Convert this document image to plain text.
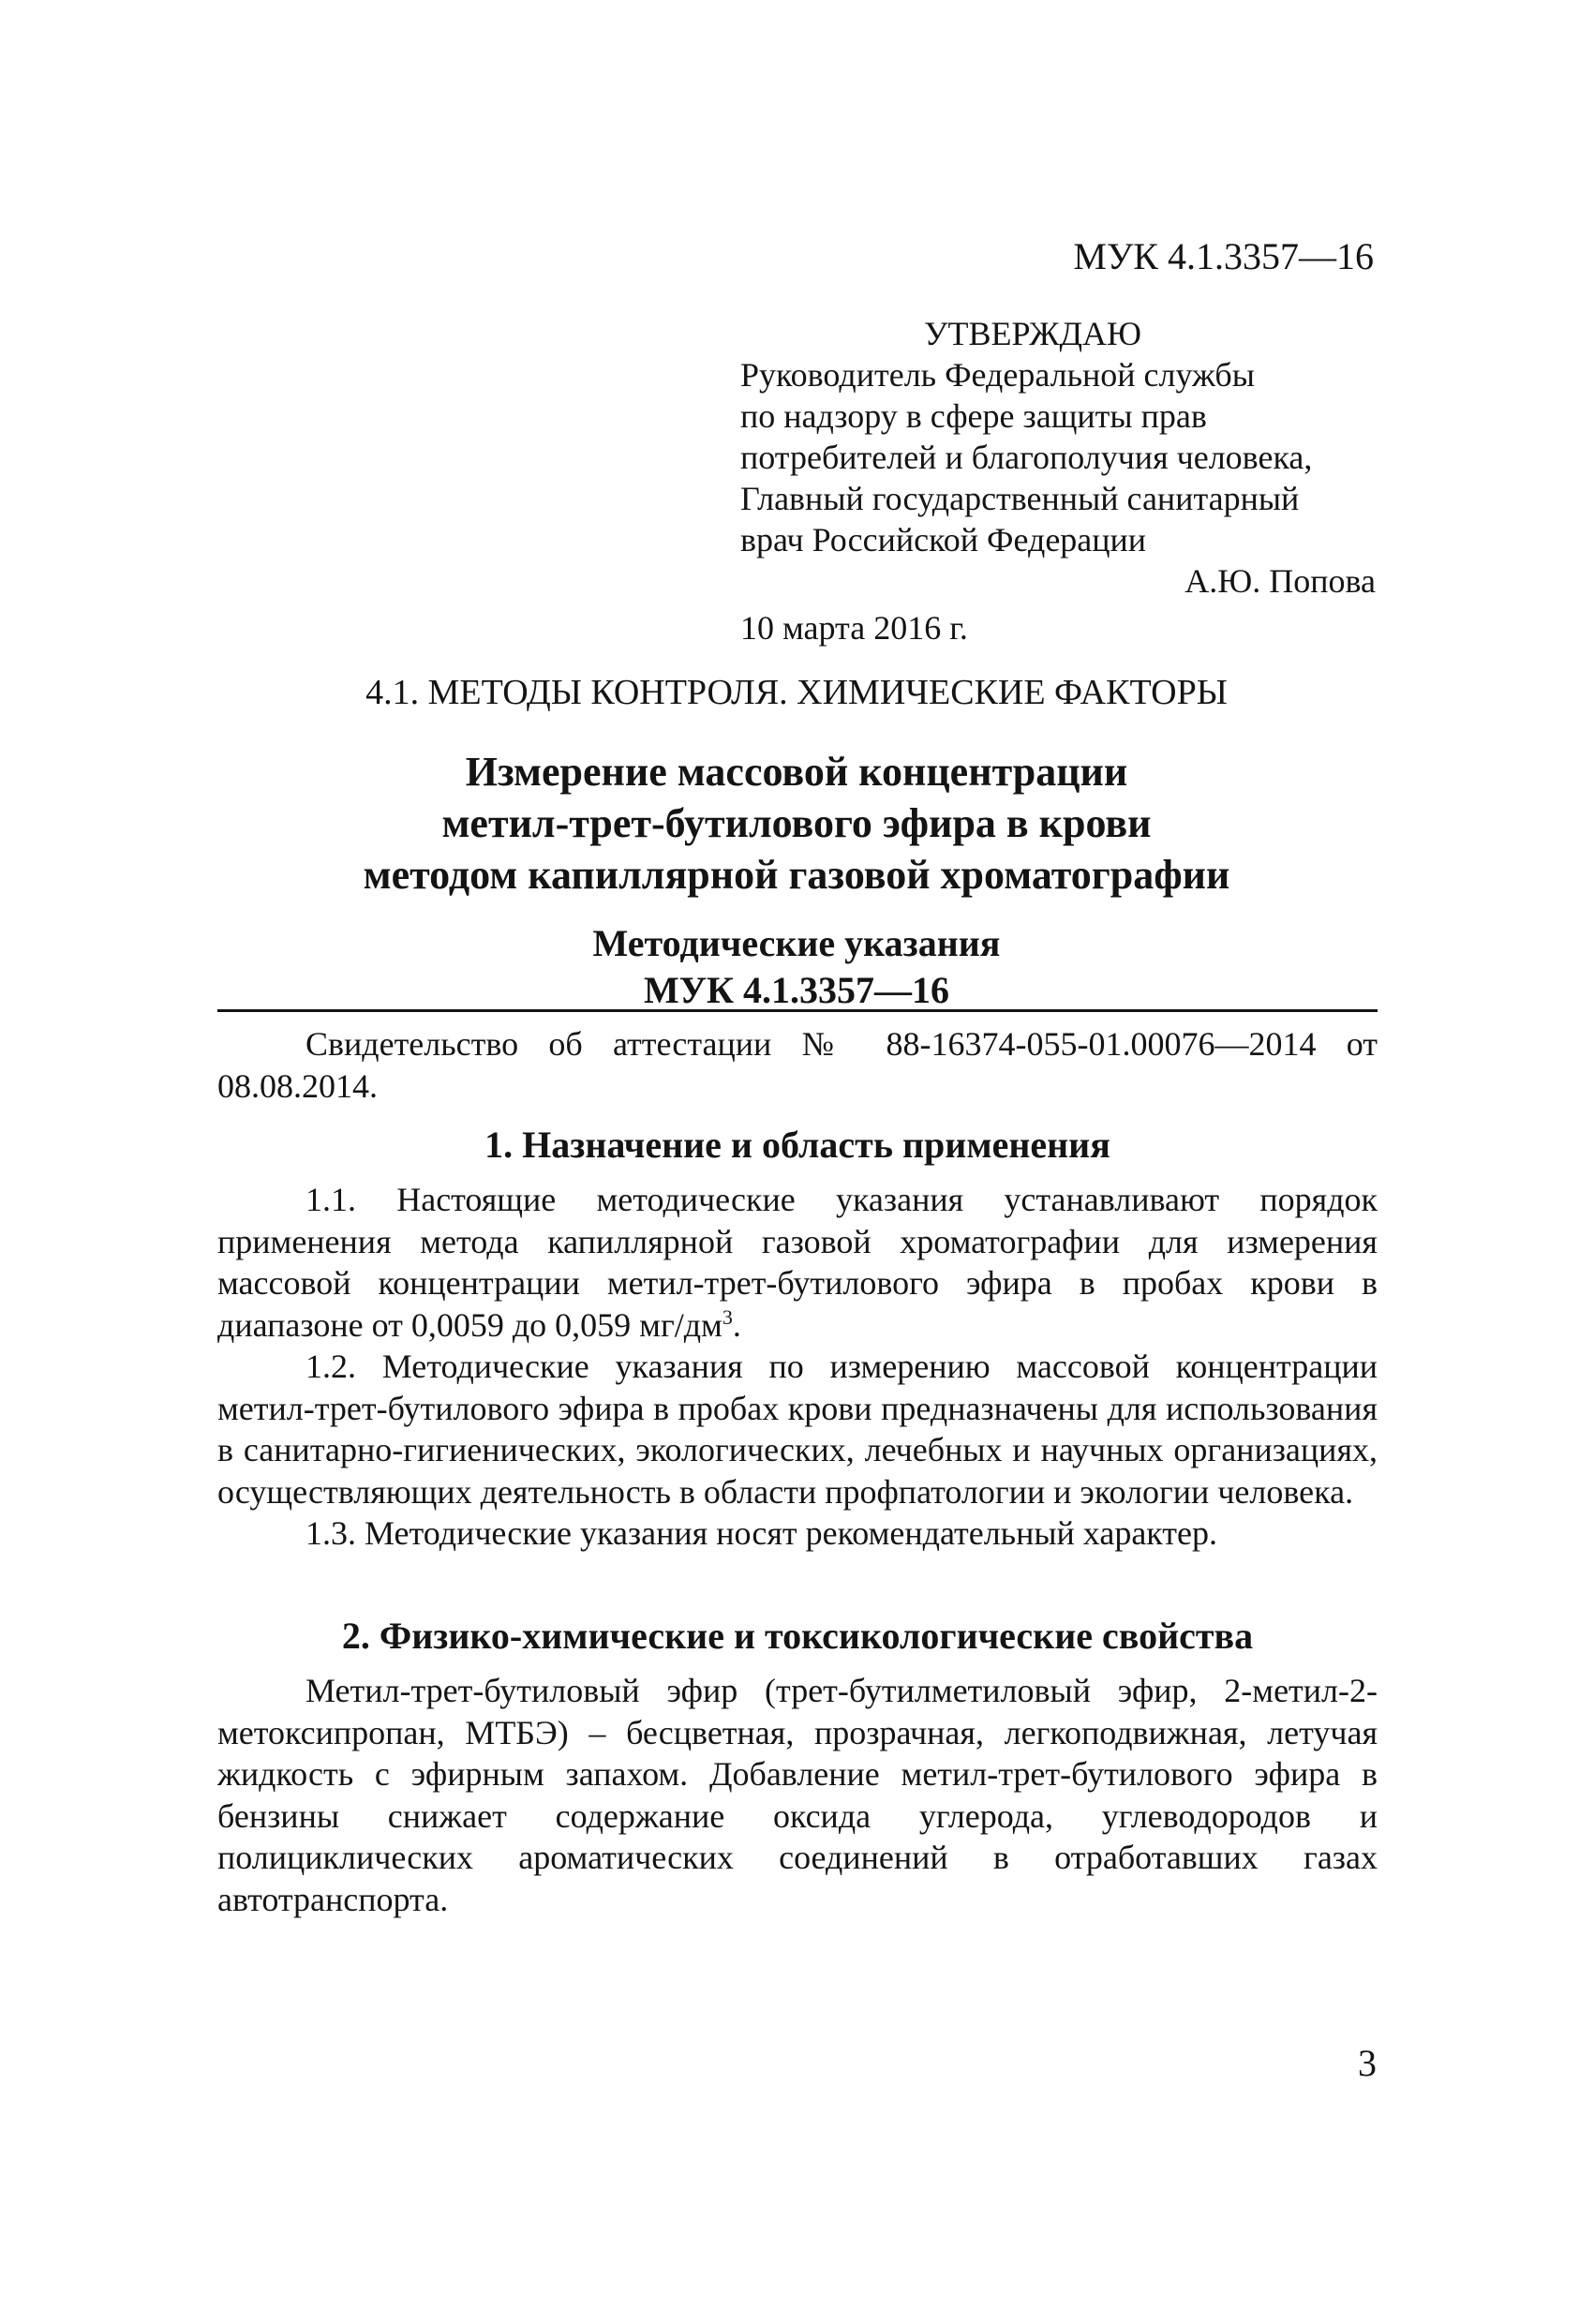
МУК 4.1.3357—16
УТВЕРЖДАЮ
Руководитель Федеральной службы
по надзору в сфере защиты прав
потребителей и благополучия человека,
Главный государственный санитарный
врач Российской Федерации
А.Ю. Попова
10 марта 2016 г.
4.1. МЕТОДЫ КОНТРОЛЯ. ХИМИЧЕСКИЕ ФАКТОРЫ
Измерение массовой концентрации
метил-трет-бутилового эфира в крови
методом капиллярной газовой хроматографии
Методические указания
МУК 4.1.3357—16

Свидетельство об аттестации № 88-16374-055-01.00076—2014 от 08.08.2014.

1. Назначение и область применения

1.1. Настоящие методические указания устанавливают порядок применения метода капиллярной газовой хроматографии для измерения массовой концентрации метил-трет-бутилового эфира в пробах крови в диапазоне от 0,0059 до 0,059 $мг/дм^3$.

1.2. Методические указания по измерению массовой концентрации метил-трет-бутилового эфира в пробах крови предназначены для использования в санитарно-гигиенических, экологических, лечебных и научных организациях, осуществляющих деятельность в области профпатологии и экологии человека.

1.3. Методические указания носят рекомендательный характер.

2. Физико-химические и токсикологические свойства

Метил-трет-бутиловый эфир (трет-бутилметиловый эфир, 2-метил-2-метоксипропан, МТБЭ) – бесцветная, прозрачная, легкоподвижная, летучая жидкость с эфирным запахом. Добавление метил-трет-бутилового эфира в бензины снижает содержание оксида углерода, углеводородов и полициклических ароматических соединений в отработавших газах автотранспорта.

3
